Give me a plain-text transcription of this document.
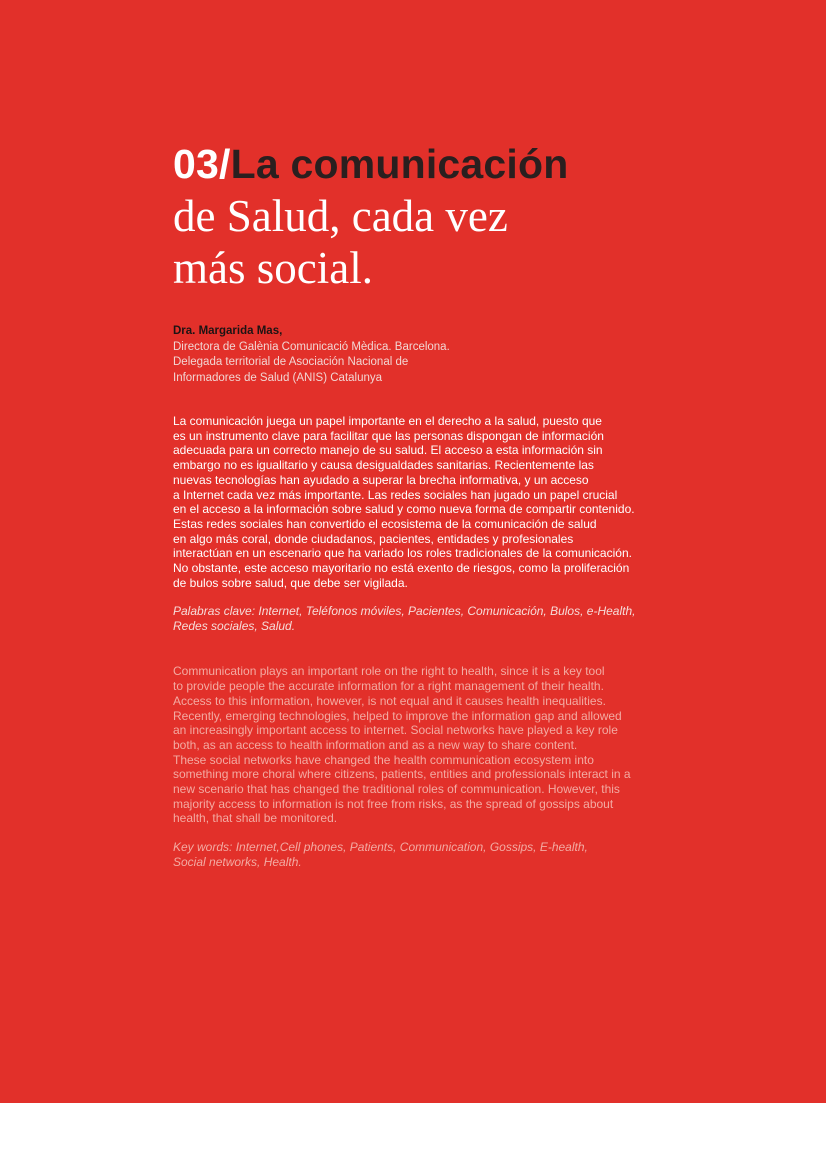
03/La comunicación
de Salud, cada vez
más social.
Dra. Margarida Mas,
Directora de Galènia Comunicació Mèdica. Barcelona.
Delegada territorial de Asociación Nacional de
Informadores de Salud (ANIS) Catalunya
La comunicación juega un papel importante en el derecho a la salud, puesto que
es un instrumento clave para facilitar que las personas dispongan de información
adecuada para un correcto manejo de su salud. El acceso a esta información sin
embargo no es igualitario y causa desigualdades sanitarias. Recientemente las
nuevas tecnologías han ayudado a superar la brecha informativa, y un acceso
a Internet cada vez más importante. Las redes sociales han jugado un papel crucial
en el acceso a la información sobre salud y como nueva forma de compartir contenido.
Estas redes sociales han convertido el ecosistema de la comunicación de salud
en algo más coral, donde ciudadanos, pacientes, entidades y profesionales
interactúan en un escenario que ha variado los roles tradicionales de la comunicación.
No obstante, este acceso mayoritario no está exento de riesgos, como la proliferación
de bulos sobre salud, que debe ser vigilada.
Palabras clave: Internet, Teléfonos móviles, Pacientes, Comunicación, Bulos, e-Health,
Redes sociales, Salud.
Communication plays an important role on the right to health, since it is a key tool
to provide people the accurate information for a right management of their health.
Access to this information, however, is not equal and it causes health inequalities.
Recently, emerging technologies, helped to improve the information gap and allowed
an increasingly important access to internet. Social networks have played a key role
both, as an access to health information and as a new way to share content.
These social networks have changed the health communication ecosystem into
something more choral where citizens, patients, entities and professionals interact in a
new scenario that has changed the traditional roles of communication. However, this
majority access to information is not free from risks, as the spread of gossips about
health, that shall be monitored.
Key words: Internet,Cell phones, Patients, Communication, Gossips, E-health,
Social networks, Health.
